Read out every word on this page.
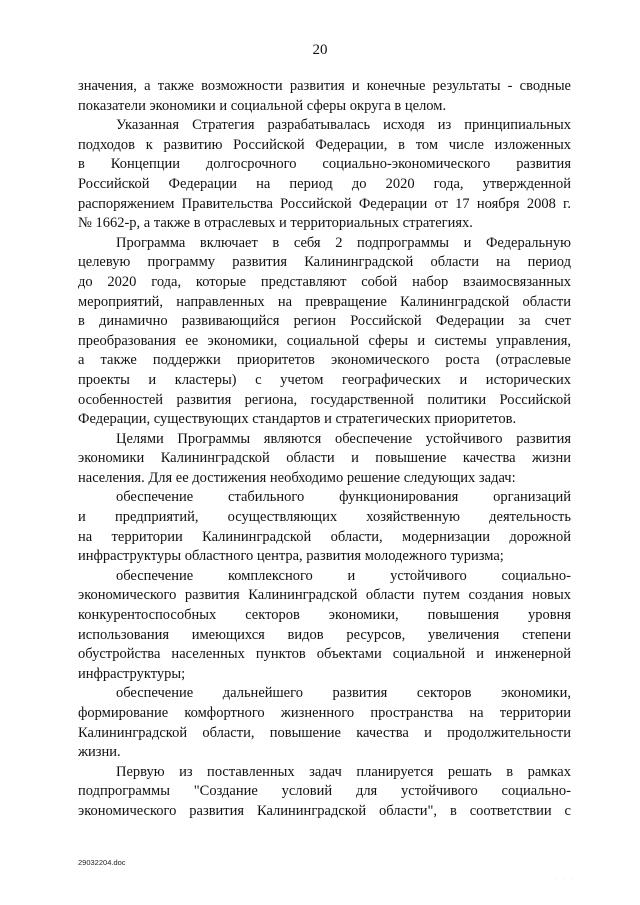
20
значения, а также возможности развития и конечные результаты - сводные
показатели экономики и социальной сферы округа в целом.
Указанная Стратегия разрабатывалась исходя из принципиальных
подходов к развитию Российской Федерации, в том числе изложенных
в Концепции долгосрочного социально-экономического развития
Российской Федерации на период до 2020 года, утвержденной
распоряжением Правительства Российской Федерации от 17 ноября 2008 г.
№ 1662-р, а также в отраслевых и территориальных стратегиях.
Программа включает в себя 2 подпрограммы и Федеральную
целевую программу развития Калининградской области на период
до 2020 года, которые представляют собой набор взаимосвязанных
мероприятий, направленных на превращение Калининградской области
в динамично развивающийся регион Российской Федерации за счет
преобразования ее экономики, социальной сферы и системы управления,
а также поддержки приоритетов экономического роста (отраслевые
проекты и кластеры) с учетом географических и исторических
особенностей развития региона, государственной политики Российской
Федерации, существующих стандартов и стратегических приоритетов.
Целями Программы являются обеспечение устойчивого развития
экономики Калининградской области и повышение качества жизни
населения. Для ее достижения необходимо решение следующих задач:
обеспечение стабильного функционирования организаций
и предприятий, осуществляющих хозяйственную деятельность
на территории Калининградской области, модернизации дорожной
инфраструктуры областного центра, развития молодежного туризма;
обеспечение комплексного и устойчивого социально-
экономического развития Калининградской области путем создания новых
конкурентоспособных секторов экономики, повышения уровня
использования имеющихся видов ресурсов, увеличения степени
обустройства населенных пунктов объектами социальной и инженерной
инфраструктуры;
обеспечение дальнейшего развития секторов экономики,
формирование комфортного жизненного пространства на территории
Калининградской области, повышение качества и продолжительности
жизни.
Первую из поставленных задач планируется решать в рамках
подпрограммы "Создание условий для устойчивого социально-
экономического развития Калининградской области", в соответствии с
29032204.doc
· · ·
